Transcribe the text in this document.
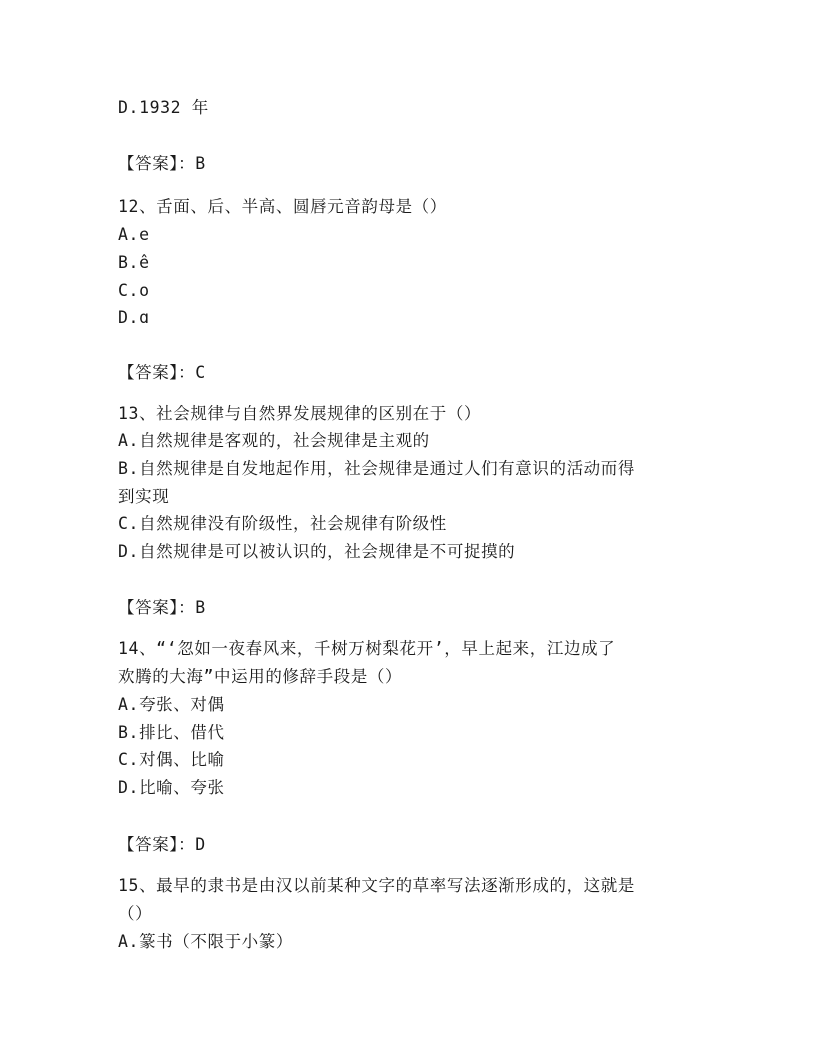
D.1932 年
【答案】：B
12、舌面、后、半高、圆唇元音韵母是（）
A.e
B.ê
C.o
D.ɑ
【答案】：C
13、社会规律与自然界发展规律的区别在于（）
A.自然规律是客观的，社会规律是主观的
B.自然规律是自发地起作用，社会规律是通过人们有意识的活动而得
到实现
C.自然规律没有阶级性，社会规律有阶级性
D.自然规律是可以被认识的，社会规律是不可捉摸的
【答案】：B
14、“‘忽如一夜春风来，千树万树梨花开’，早上起来，江边成了
欢腾的大海”中运用的修辞手段是（）
A.夸张、对偶
B.排比、借代
C.对偶、比喻
D.比喻、夸张
【答案】：D
15、最早的隶书是由汉以前某种文字的草率写法逐渐形成的，这就是
（）
A.篆书（不限于小篆）
